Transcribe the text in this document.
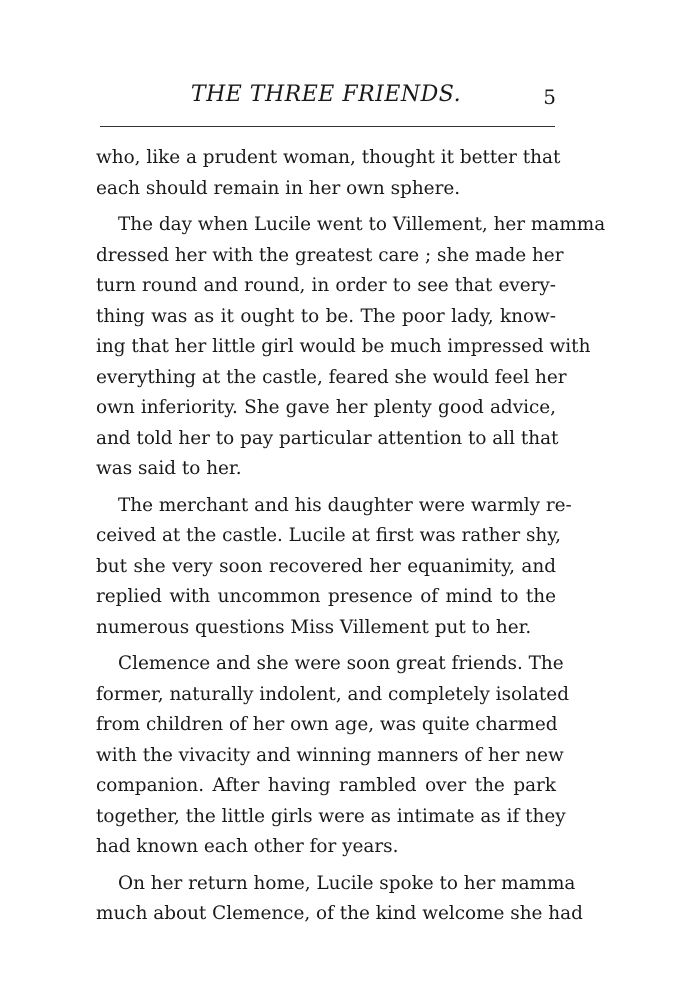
THE THREE FRIENDS.	5
who, like a prudent woman, thought it better that
each should remain in her own sphere.
The day when Lucile went to Villement, her mamma
dressed her with the greatest care ; she made her
turn round and round, in order to see that every-
thing was as it ought to be. The poor lady, know-
ing that her little girl would be much impressed with
everything at the castle, feared she would feel her
own inferiority. She gave her plenty good advice,
and told her to pay particular attention to all that
was said to her.
The merchant and his daughter were warmly re-
ceived at the castle. Lucile at first was rather shy,
but she very soon recovered her equanimity, and
replied with uncommon presence of mind to the
numerous questions Miss Villement put to her.
Clemence and she were soon great friends. The
former, naturally indolent, and completely isolated
from children of her own age, was quite charmed
with the vivacity and winning manners of her new
companion. After having rambled over the park
together, the little girls were as intimate as if they
had known each other for years.
On her return home, Lucile spoke to her mamma
much about Clemence, of the kind welcome she had
